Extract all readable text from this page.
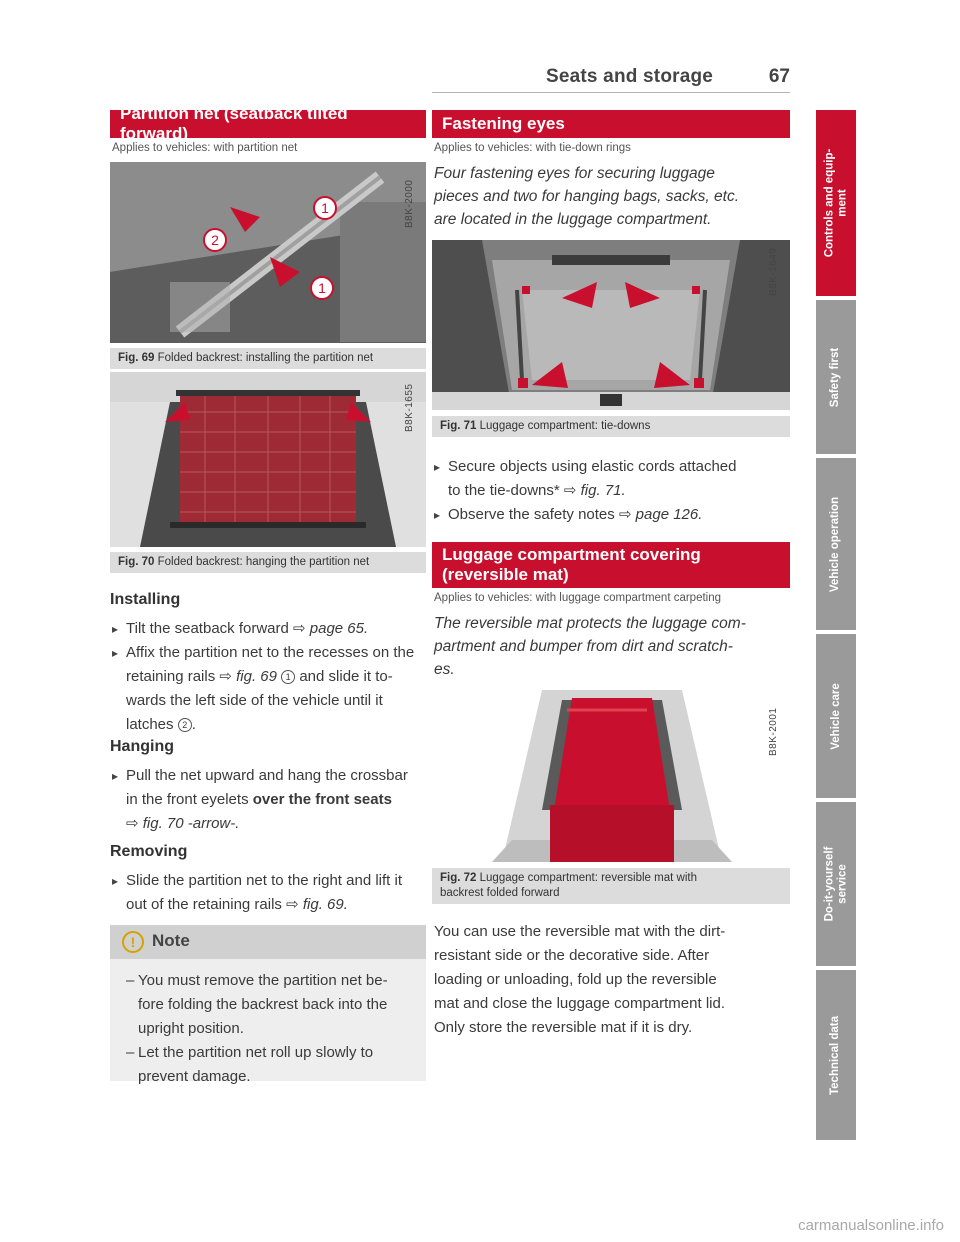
Seats and storage	67
Partition net (seatback tilted forward)
Applies to vehicles: with partition net
2
1
1
B8K-2000
Fig. 69 Folded backrest: installing the partition net
B8K-1655
Fig. 70 Folded backrest: hanging the partition net
Installing
▸ Tilt the seatback forward ⇨ page 65.
▸ Affix the partition net to the recesses on the
retaining rails ⇨ fig. 69 1 and slide it to-
wards the left side of the vehicle until it
latches 2 .
Hanging
▸ Pull the net upward and hang the crossbar
in the front eyelets over the front seats
⇨ fig. 70 -arrow-.
Removing
▸ Slide the partition net to the right and lift it
out of the retaining rails ⇨ fig. 69.
! Note
– You must remove the partition net be-
fore folding the backrest back into the
upright position.
– Let the partition net roll up slowly to
prevent damage.
Fastening eyes
Applies to vehicles: with tie-down rings
Four fastening eyes for securing luggage
pieces and two for hanging bags, sacks, etc.
are located in the luggage compartment.
B8K-1649
Fig. 71 Luggage compartment: tie-downs
▸ Secure objects using elastic cords attached
to the tie-downs* ⇨ fig. 71.
▸ Observe the safety notes ⇨ page 126.
Luggage compartment covering
(reversible mat)
Applies to vehicles: with luggage compartment carpeting
The reversible mat protects the luggage com-
partment and bumper from dirt and scratch-
es.
B8K-2001
Fig. 72 Luggage compartment: reversible mat with
backrest folded forward
You can use the reversible mat with the dirt-
resistant side or the decorative side. After
loading or unloading, fold up the reversible
mat and close the luggage compartment lid.
Only store the reversible mat if it is dry.
Controls and equip-
ment
Safety first
Vehicle operation
Vehicle care
Do-it-yourself
service
Technical data
carmanualsonline.info
